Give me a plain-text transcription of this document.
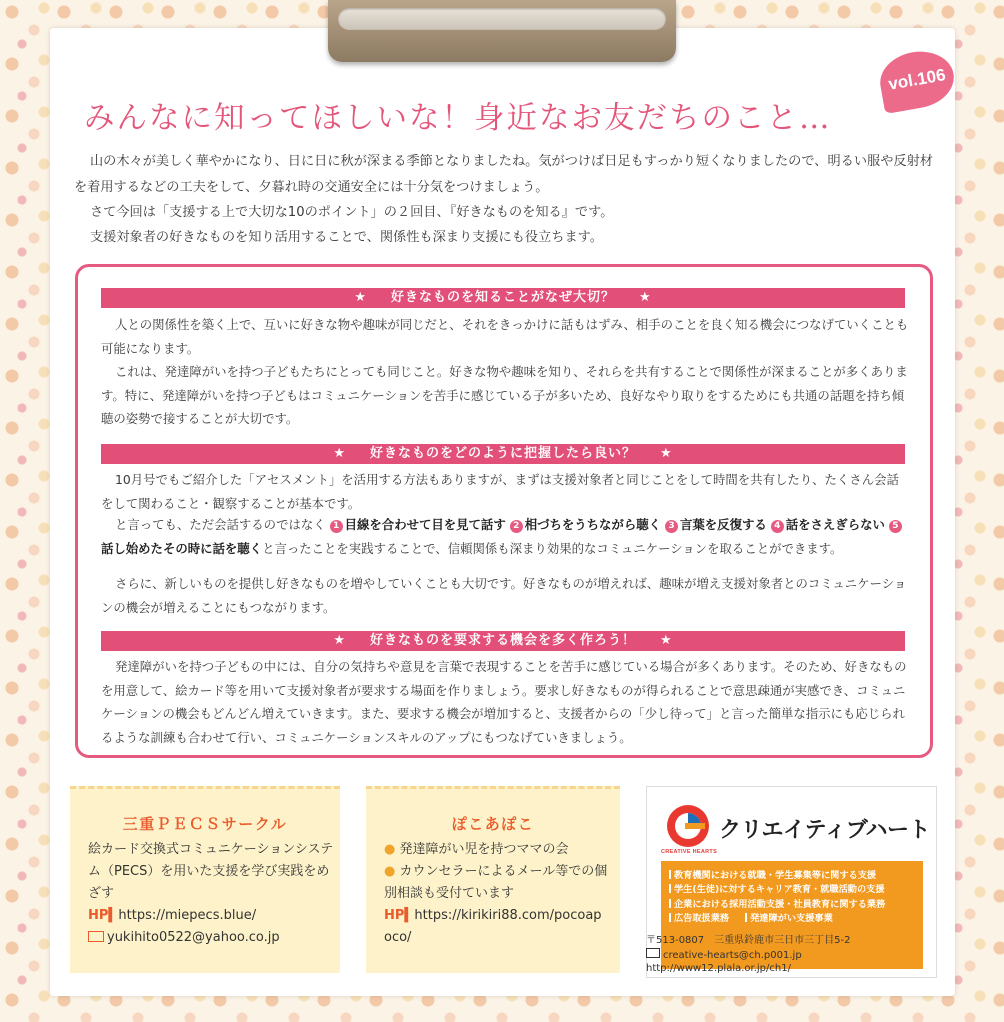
vol.106
みんなに知ってほしいな！身近なお友だちのこと…

山の木々が美しく華やかになり、日に日に秋が深まる季節となりましたね。気がつけば日足もすっかり短くなりましたので、明るい服や反射材を着用するなどの工夫をして、夕暮れ時の交通安全には十分気をつけましょう。

さて今回は「支援する上で大切な10のポイント」の２回目、『好きなものを知る』です。

支援対象者の好きなものを知り活用することで、関係性も深まり支援にも役立ちます。

★ 好きなものを知ることがなぜ大切？ ★

人との関係性を築く上で、互いに好きな物や趣味が同じだと、それをきっかけに話もはずみ、相手のことを良く知る機会につなげていくことも可能になります。

これは、発達障がいを持つ子どもたちにとっても同じこと。好きな物や趣味を知り、それらを共有することで関係性が深まることが多くあります。特に、発達障がいを持つ子どもはコミュニケーションを苦手に感じている子が多いため、良好なやり取りをするためにも共通の話題を持ち傾聴の姿勢で接することが大切です。

★ 好きなものをどのように把握したら良い？ ★

10月号でもご紹介した「アセスメント」を活用する方法もありますが、まずは支援対象者と同じことをして時間を共有したり、たくさん会話をして関わること・観察することが基本です。

と言っても、ただ会話するのではなく 1 目線を合わせて目を見て話す 2 相づちをうちながら聴く 3 言葉を反復する 4 話をさえぎらない 5話し始めたその時に話を聴くと言ったことを実践することで、信頼関係も深まり効果的なコミュニケーションを取ることができます。

さらに、新しいものを提供し好きなものを増やしていくことも大切です。好きなものが増えれば、趣味が増え支援対象者とのコミュニケーションの機会が増えることにもつながります。

★ 好きなものを要求する機会を多く作ろう！ ★

発達障がいを持つ子どもの中には、自分の気持ちや意見を言葉で表現することを苦手に感じている場合が多くあります。そのため、好きなものを用意して、絵カード等を用いて支援対象者が要求する場面を作りましょう。要求し好きなものが得られることで意思疎通が実感でき、コミュニケーションの機会もどんどん増えていきます。また、要求する機会が増加すると、支援者からの「少し待って」と言った簡単な指示にも応じられるような訓練も合わせて行い、コミュニケーションスキルのアップにもつなげていきましょう。

三重ＰＥＣＳサークル
絵カード交換式コミュニケーションシステム（PECS）を用いた支援を学び実践をめざす
HP▍https://miepecs.blue/
yukihito0522@yahoo.co.jp
ぽこあぽこ
● 発達障がい児を持つママの会
● カウンセラーによるメール等での個別相談も受付ています
HP▍https://kirikiri88.com/pocoapoco/
CREATIVE HEARTS
クリエイティブハート
教育機関における就職・学生募集等に関する支援
学生(生徒)に対するキャリア教育・就職活動の支援
企業における採用活動支援・社員教育に関する業務
広告取扱業務 発達障がい支援事業
〒513-0807　三重県鈴鹿市三日市三丁目5-2
creative-hearts@ch.p001.jp
http://www12.plala.or.jp/ch1/
